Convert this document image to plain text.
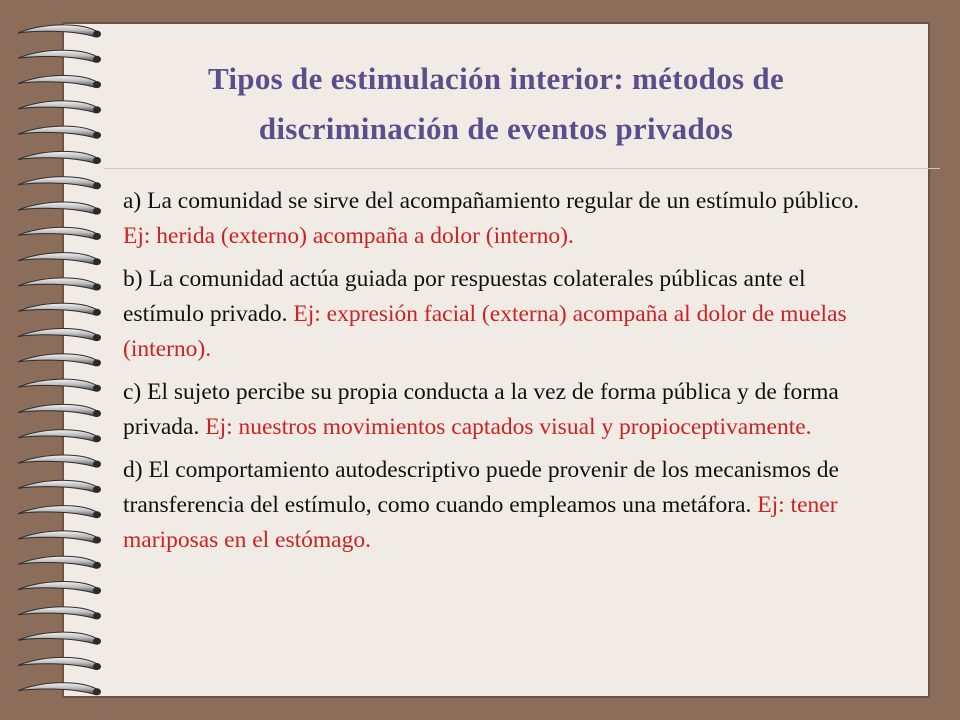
Tipos de estimulación interior: métodos de
discriminación de eventos privados
a) La comunidad se sirve del acompañamiento regular de un estímulo público. Ej: herida (externo) acompaña a dolor (interno).
b) La comunidad actúa guiada por respuestas colaterales públicas ante el estímulo privado. Ej: expresión facial (externa) acompaña al dolor de muelas (interno).
c) El sujeto percibe su propia conducta a la vez de forma pública y de forma privada. Ej: nuestros movimientos captados visual y propioceptivamente.
d) El comportamiento autodescriptivo puede provenir de los mecanismos de transferencia del estímulo, como cuando empleamos una metáfora. Ej: tener mariposas en el estómago.
